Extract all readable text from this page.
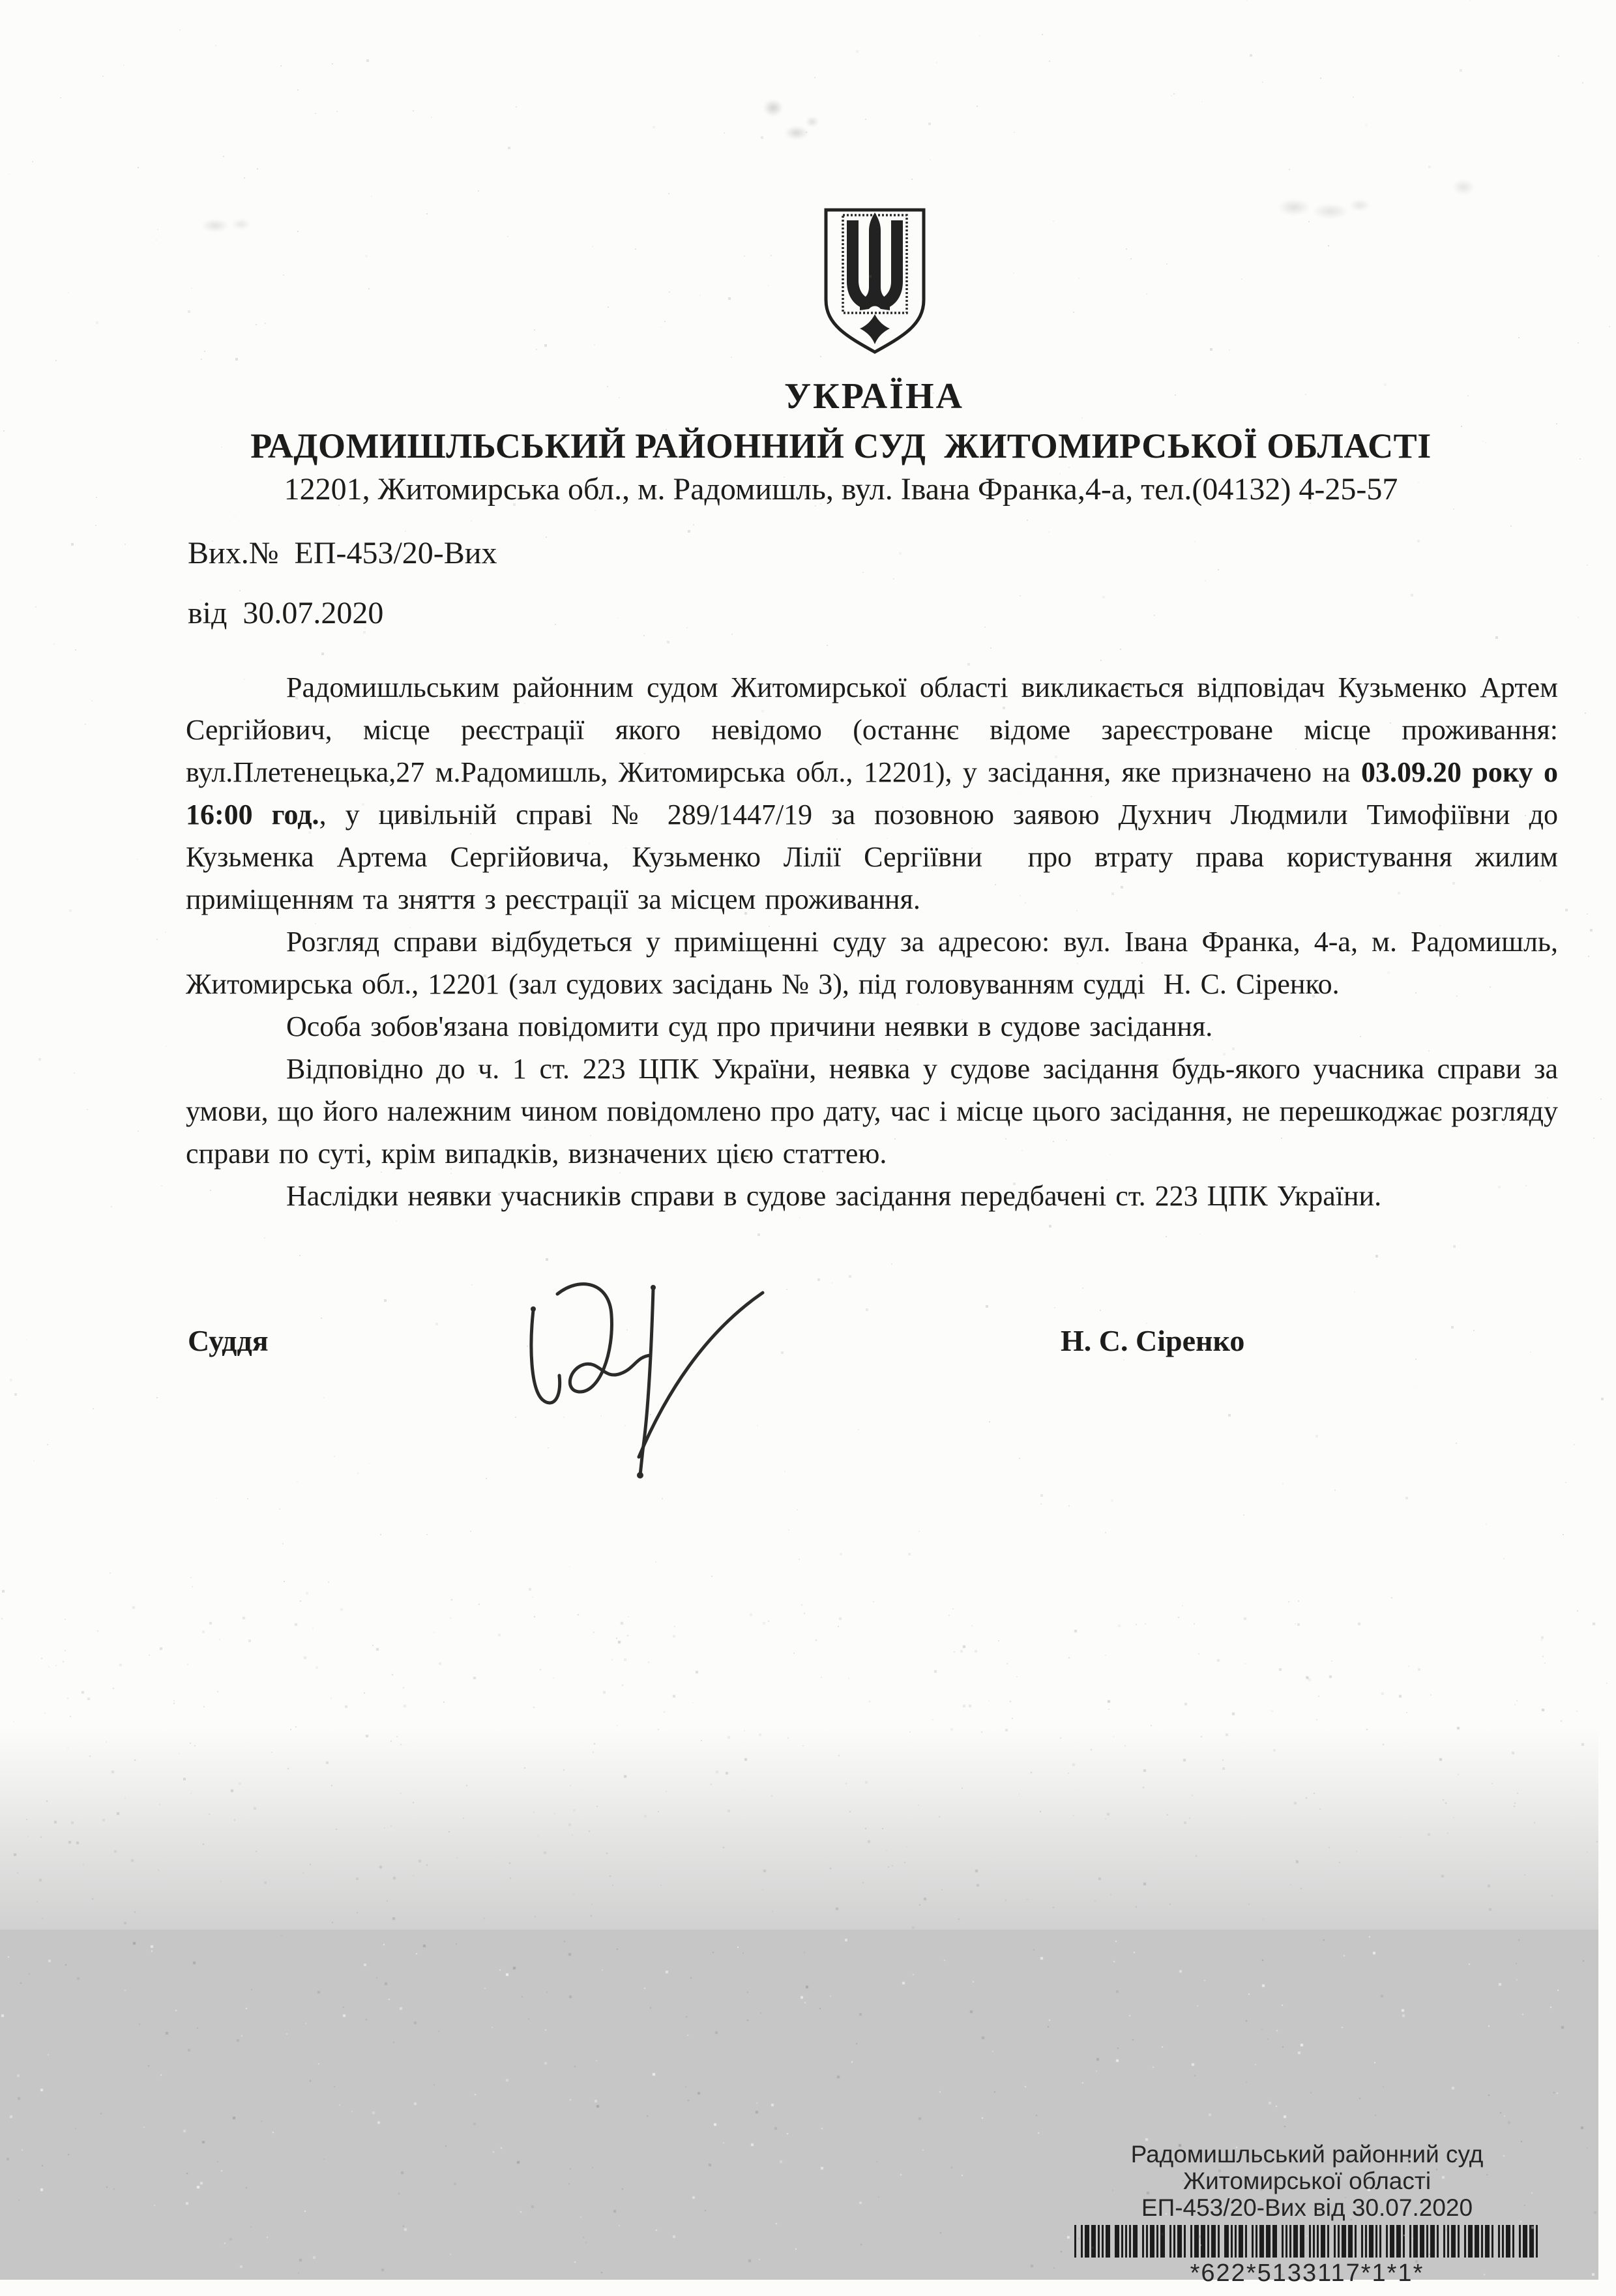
УКРАЇНА
РАДОМИШЛЬСЬКИЙ РАЙОННИЙ СУД  ЖИТОМИРСЬКОЇ ОБЛАСТІ
12201, Житомирська обл., м. Радомишль, вул. Івана Франка,4-а, тел.(04132) 4-25-57
Вих.№  ЕП-453/20-Вих
від  30.07.2020

Радомишльським районним судом Житомирської області викликається відповідач Кузьменко Артем Сергійович, місце реєстрації якого невідомо (останнє відоме зареєстроване місце проживання: вул.Плетенецька,27 м.Радомишль, Житомирська обл., 12201), у засідання, яке призначено на 03.09.20 року о 16:00 год., у цивільній справі № 289/1447/19 за позовною заявою Духнич Людмили Тимофіївни до Кузьменка Артема Сергійовича, Кузьменко Лілії Сергіївни  про втрату права користування жилим приміщенням та зняття з реєстрації за місцем проживання.

Розгляд справи відбудеться у приміщенні суду за адресою: вул. Івана Франка, 4-а, м. Радомишль, Житомирська обл., 12201 (зал судових засідань № 3), під головуванням судді  Н. С. Сіренко.

Особа зобов'язана повідомити суд про причини неявки в судове засідання.

Відповідно до ч. 1 ст. 223 ЦПК України, неявка у судове засідання будь-якого учасника справи за умови, що його належним чином повідомлено про дату, час і місце цього засідання, не перешкоджає розгляду справи по суті, крім випадків, визначених цією статтею.

Наслідки неявки учасників справи в судове засідання передбачені ст. 223 ЦПК України.

Суддя	Н. С. Сіренко
Радомишльський районний суд
Житомирської області
ЕП-453/20-Вих від 30.07.2020
*622*5133117*1*1*
